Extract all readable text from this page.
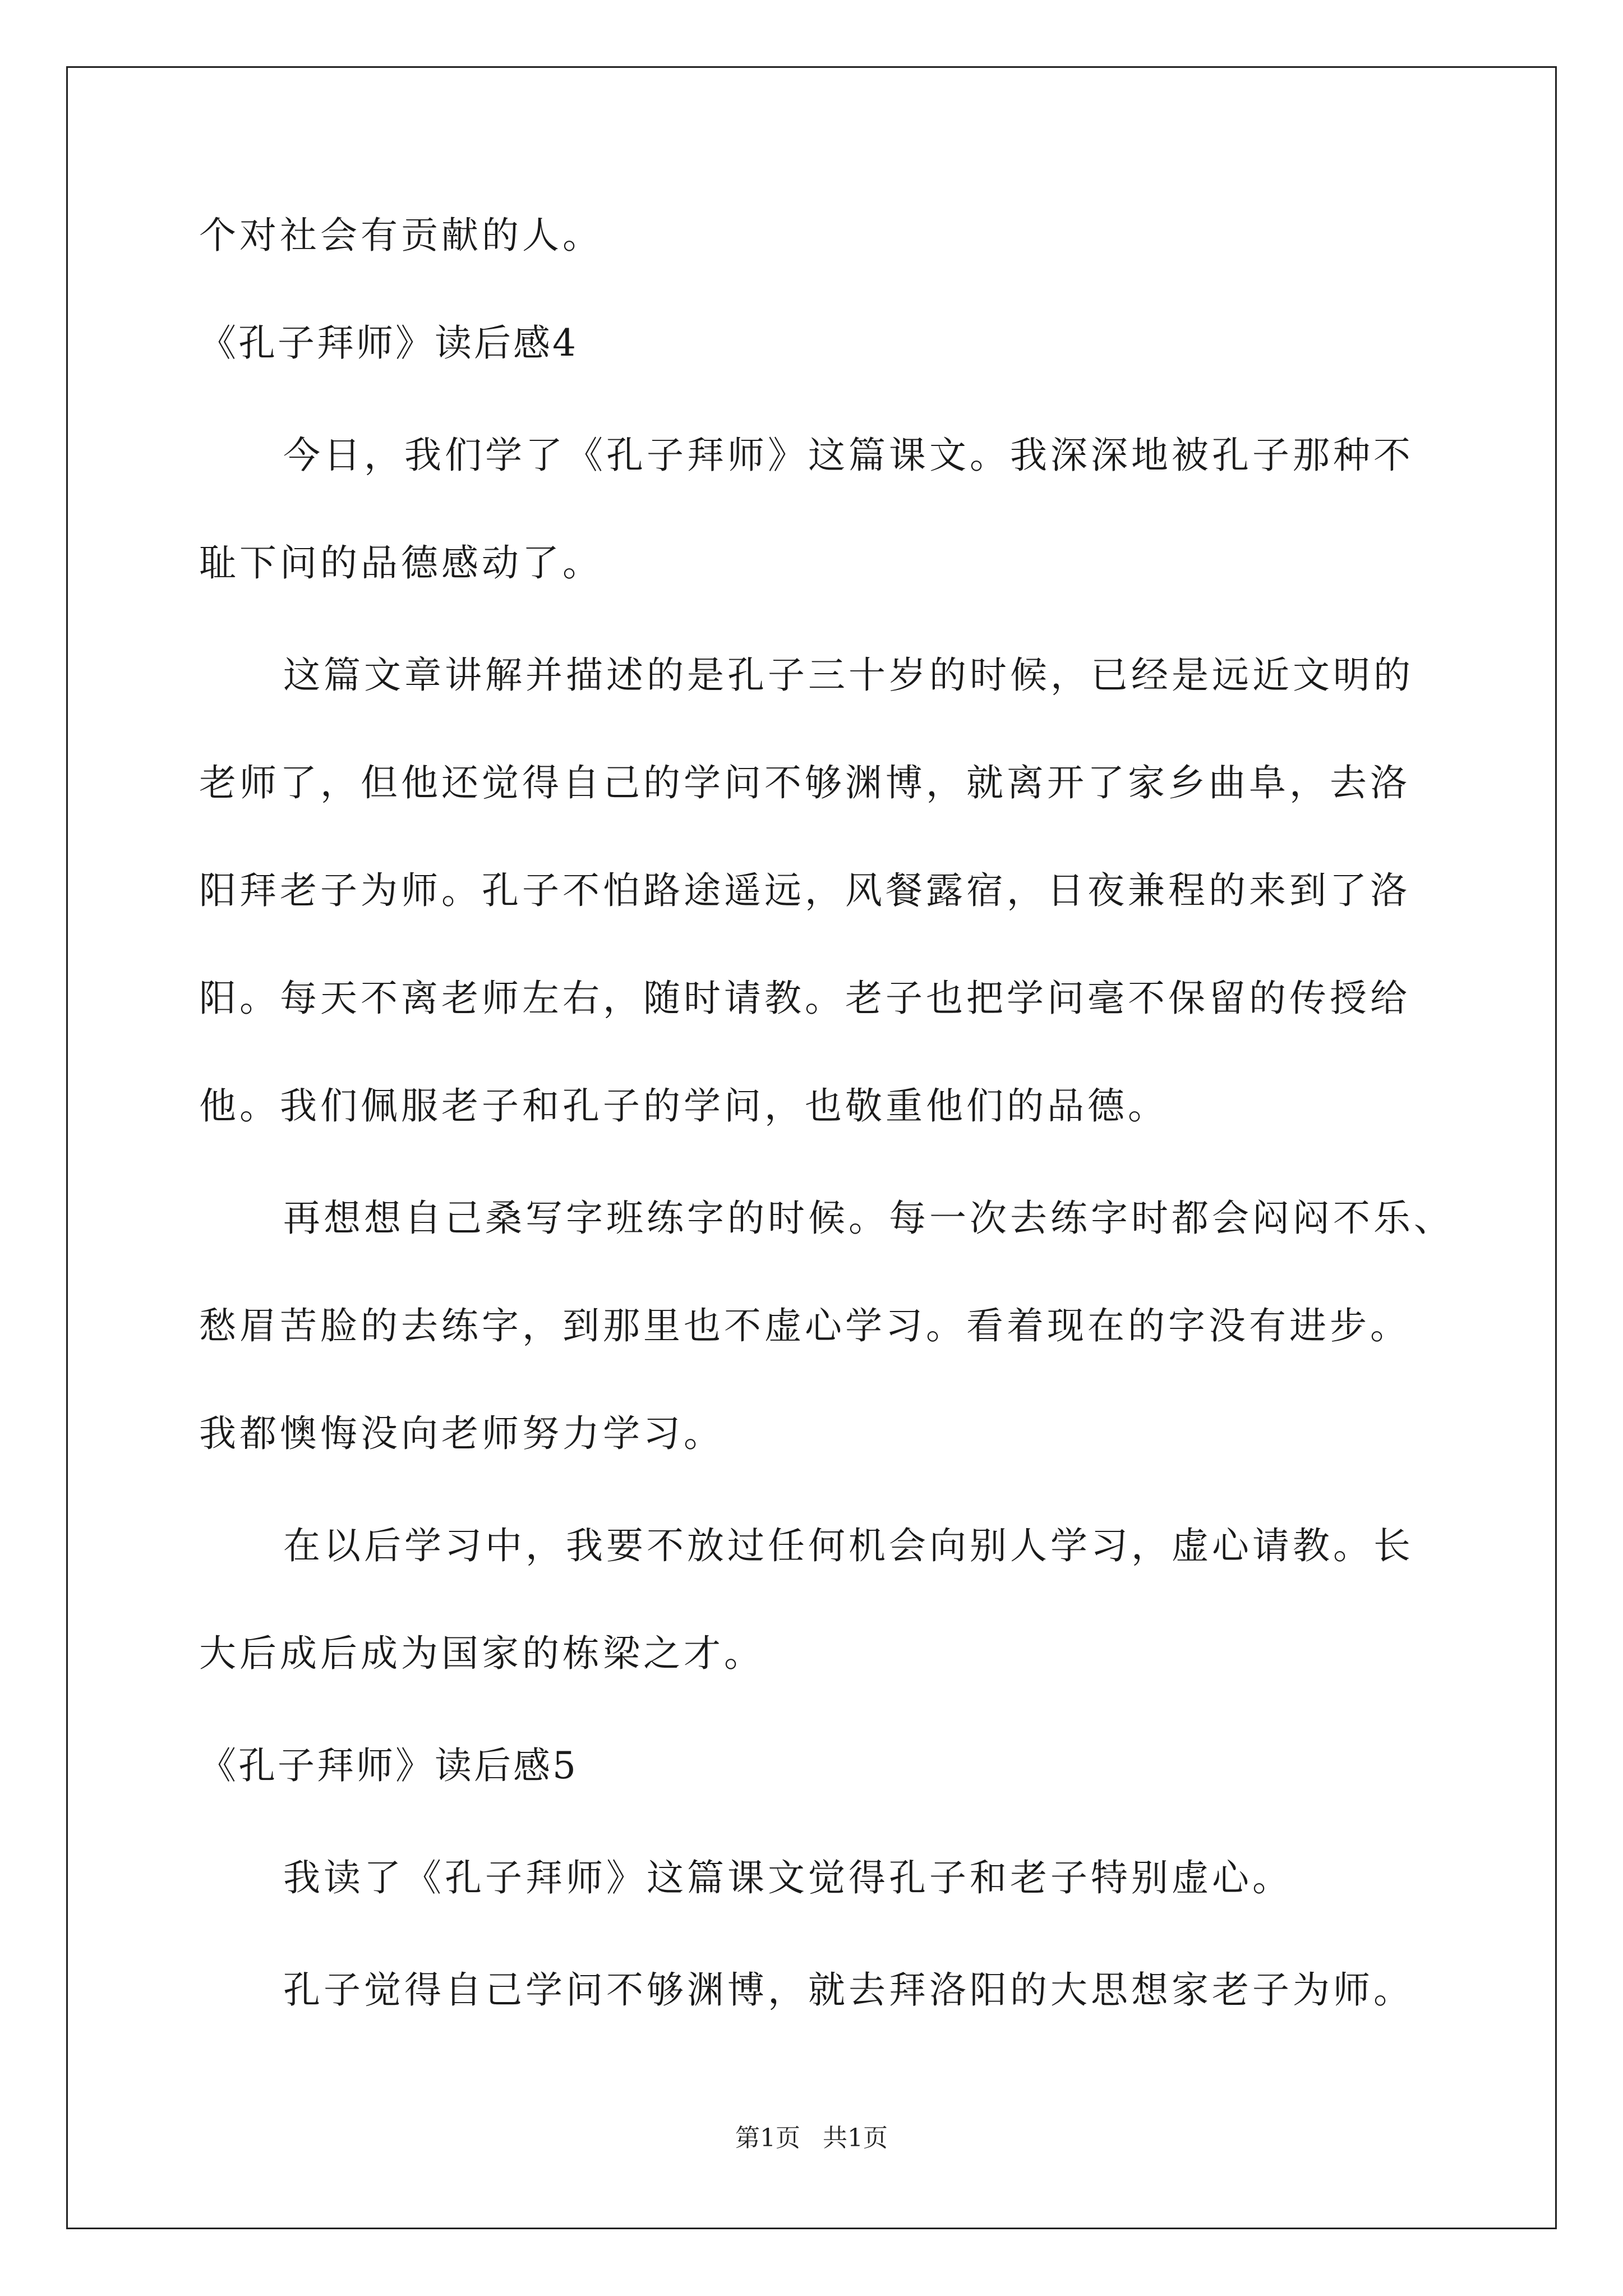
个对社会有贡献的人。
《孔子拜师》读后感4
今日，我们学了《孔子拜师》这篇课文。我深深地被孔子那种不
耻下问的品德感动了。
这篇文章讲解并描述的是孔子三十岁的时候，已经是远近文明的
老师了，但他还觉得自己的学问不够渊博，就离开了家乡曲阜，去洛
阳拜老子为师。孔子不怕路途遥远，风餐露宿，日夜兼程的来到了洛
阳。每天不离老师左右，随时请教。老子也把学问毫不保留的传授给
他。我们佩服老子和孔子的学问，也敬重他们的品德。
再想想自己桑写字班练字的时候。每一次去练字时都会闷闷不乐、
愁眉苦脸的去练字，到那里也不虚心学习。看着现在的字没有进步。
我都懊悔没向老师努力学习。
在以后学习中，我要不放过任何机会向别人学习，虚心请教。长
大后成后成为国家的栋梁之才。
《孔子拜师》读后感5
我读了《孔子拜师》这篇课文觉得孔子和老子特别虚心。
孔子觉得自己学问不够渊博，就去拜洛阳的大思想家老子为师。
第1页 共1页
